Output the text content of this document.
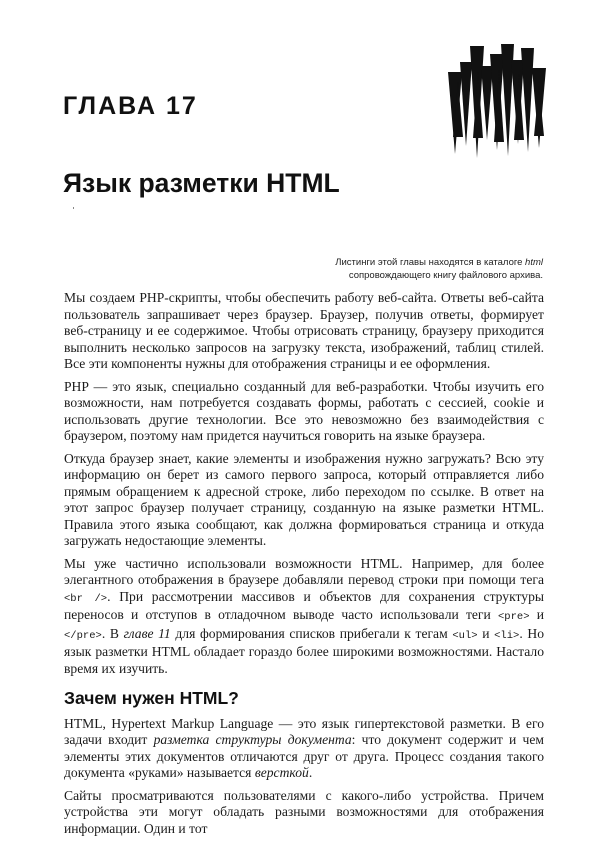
ГЛАВА 17
Язык разметки HTML

Листинги этой главы находятся в каталоге html

сопровождающего книгу файлового архива.

Мы создаем PHP-скрипты, чтобы обеспечить работу веб-сайта. Ответы веб-сайта пользователь запрашивает через браузер. Браузер, получив ответы, формирует веб-страницу и ее содержимое. Чтобы отрисовать страницу, браузеру приходится выполнить несколько запросов на загрузку текста, изображений, таблиц стилей. Все эти компоненты нужны для отображения страницы и ее оформления.

PHP — это язык, специально созданный для веб-разработки. Чтобы изучить его возможности, нам потребуется создавать формы, работать с сессией, cookie и использовать другие технологии. Все это невозможно без взаимодействия с браузером, поэтому нам придется научиться говорить на языке браузера.

Откуда браузер знает, какие элементы и изображения нужно загружать? Всю эту информацию он берет из самого первого запроса, который отправляется либо прямым обращением к адресной строке, либо переходом по ссылке. В ответ на этот запрос браузер получает страницу, созданную на языке разметки HTML. Правила этого языка сообщают, как должна формироваться страница и откуда загружать недостающие элементы.

Мы уже частично использовали возможности HTML. Например, для более элегантного отображения в браузере добавляли перевод строки при помощи тега <br />. При рассмотрении массивов и объектов для сохранения структуры переносов и отступов в отладочном выводе часто использовали теги <pre> и </pre>. В главе 11 для формирования списков прибегали к тегам <ul> и <li>. Но язык разметки HTML обладает гораздо более широкими возможностями. Настало время их изучить.

Зачем нужен HTML?

HTML, Hypertext Markup Language — это язык гипертекстовой разметки. В его задачи входит разметка структуры документа: что документ содержит и чем элементы этих документов отличаются друг от друга. Процесс создания такого документа «руками» называется версткой.

Сайты просматриваются пользователями с какого-либо устройства. Причем устройства эти могут обладать разными возможностями для отображения информации. Один и тот
